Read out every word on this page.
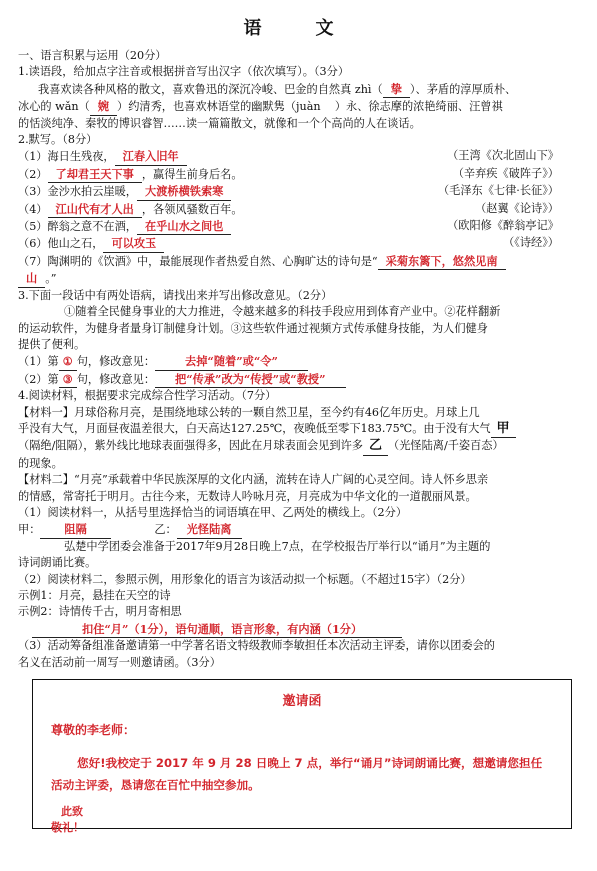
语　文
一、语言积累与运用（20分）
1.读语段，给加点字注音或根据拼音写出汉字（依次填写）。（3分）
我喜欢读各种风格的散文，喜欢鲁迅的深沉冷峻、巴金的自然真 zhì（ 挚 ）、茅盾的淳厚质朴、
冰心的 wǎn（ 婉 ）约清秀，也喜欢林语堂的幽默隽（juàn    ）永、徐志摩的浓艳绮丽、汪曾祺
的恬淡纯净、秦牧的博识睿智……读一篇篇散文，就像和一个个高尚的人在谈话。
2.默写。（8分）
（1）海日生残夜， 江春入旧年	（王湾《次北固山下》
（2） 了却君王天下事 ，赢得生前身后名。	（辛弃疾《破阵子》）
（3）金沙水拍云崖暖， 大渡桥横铁索寒	（毛泽东《七律·长征》）
（4） 江山代有才人出 ，各领风骚数百年。	（赵翼《论诗》）
（5）醉翁之意不在酒， 在乎山水之间也	（欧阳修《醉翁亭记》
（6）他山之石， 可以攻玉	（《诗经》）
（7）陶渊明的《饮酒》中，最能展现作者热爱自然、心胸旷达的诗句是“ 采菊东篱下，悠然见南
山 。”
3.下面一段话中有两处语病，请找出来并写出修改意见。（2分）
①随着全民健身事业的大力推进，令越来越多的科技手段应用到体育产业中。②花样翻新
的运动软件，为健身者量身订制健身计划。③这些软件通过视频方式传承健身技能，为人们健身
提供了便利。
（1）第 ① 句，修改意见：	去掉“随着”或“令”
（2）第 ③ 句，修改意见： 把“传承”改为“传授”或“教授”
4.阅读材料，根据要求完成综合性学习活动。（7分）
【材料一】月球俗称月亮，是围绕地球公转的一颗自然卫星，至今约有46亿年历史。月球上几
乎没有大气，月面昼夜温差很大，白天高达127.25℃，夜晚低至零下183.75℃。由于没有大气 甲
（隔绝/阻隔），紫外线比地球表面强得多，因此在月球表面会见到许多 乙 （光怪陆离/千姿百态）
的现象。
【材料二】“月亮”承载着中华民族深厚的文化内涵，流转在诗人广阔的心灵空间。诗人怀乡思亲
的情感，常寄托于明月。古往今来，无数诗人吟咏月亮，月亮成为中华文化的一道靓丽风景。
（1）阅读材料一，从括号里选择恰当的词语填在甲、乙两处的横线上。（2分）
甲： 阻隔	乙： 光怪陆离
弘楚中学团委会准备于2017年9月28日晚上7点，在学校报告厅举行以“诵月”为主题的
诗词朗诵比赛。
（2）阅读材料二，参照示例，用形象化的语言为该活动拟一个标题。（不超过15字）（2分）
示例1：月亮，悬挂在天空的诗
示例2：诗情传千古，明月寄相思
扣住“月”（1分），语句通顺，语言形象，有内涵（1分）
（3）活动筹备组准备邀请第一中学著名语文特级教师李敏担任本次活动主评委，请你以团委会的
名义在活动前一周写一则邀请函。（3分）
邀请函
尊敬的李老师：
您好!我校定于 2017 年 9 月 28 日晚上 7 点，举行“诵月”诗词朗诵比赛，想邀请您担任活动主评委，恳请您在百忙中抽空参加。
此致
敬礼！
